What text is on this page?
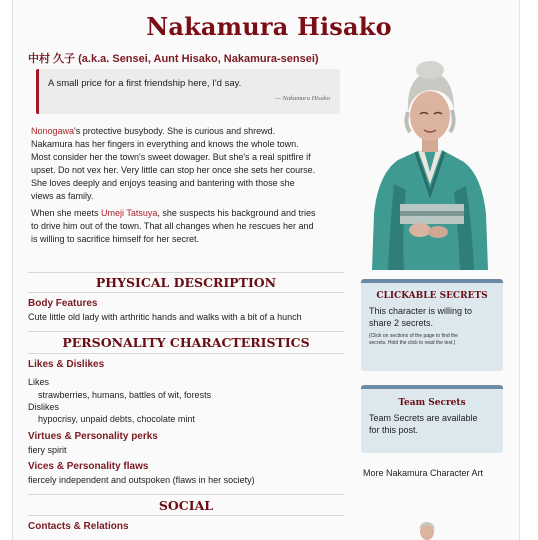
Nakamura Hisako
中村 久子 (a.k.a. Sensei, Aunt Hisako, Nakamura-sensei)
A small price for a first friendship here, I'd say.
— Nakamura Hisako
Nonogawa's protective busybody. She is curious and shrewd.
Nakamura has her fingers in everything and knows the whole town.
Most consider her the town's sweet dowager. But she's a real spitfire if
upset. Do not vex her. Very little can stop her once she sets her course.
She loves deeply and enjoys teasing and bantering with those she
views as family.
When she meets Umeji Tatsuya, she suspects his background and tries
to drive him out of the town. That all changes when he rescues her and
is willing to sacrifice himself for her secret.
PHYSICAL DESCRIPTION
Body Features
Cute little old lady with arthritic hands and walks with a bit of a hunch
PERSONALITY CHARACTERISTICS
Likes & Dislikes
Likes
strawberries, humans, battles of wit, forests
Dislikes
hypocrisy, unpaid debts, chocolate mint
Virtues & Personality perks
fiery spirit
Vices & Personality flaws
fiercely independent and outspoken (flaws in her society)
SOCIAL
Contacts & Relations
CLICKABLE SECRETS
This character is willing to
share 2 secrets.
(Click on sections of the page to find the
secrets. Hold the click to read the text.)
Team Secrets
Team Secrets are available
for this post.
More Nakamura Character Art
